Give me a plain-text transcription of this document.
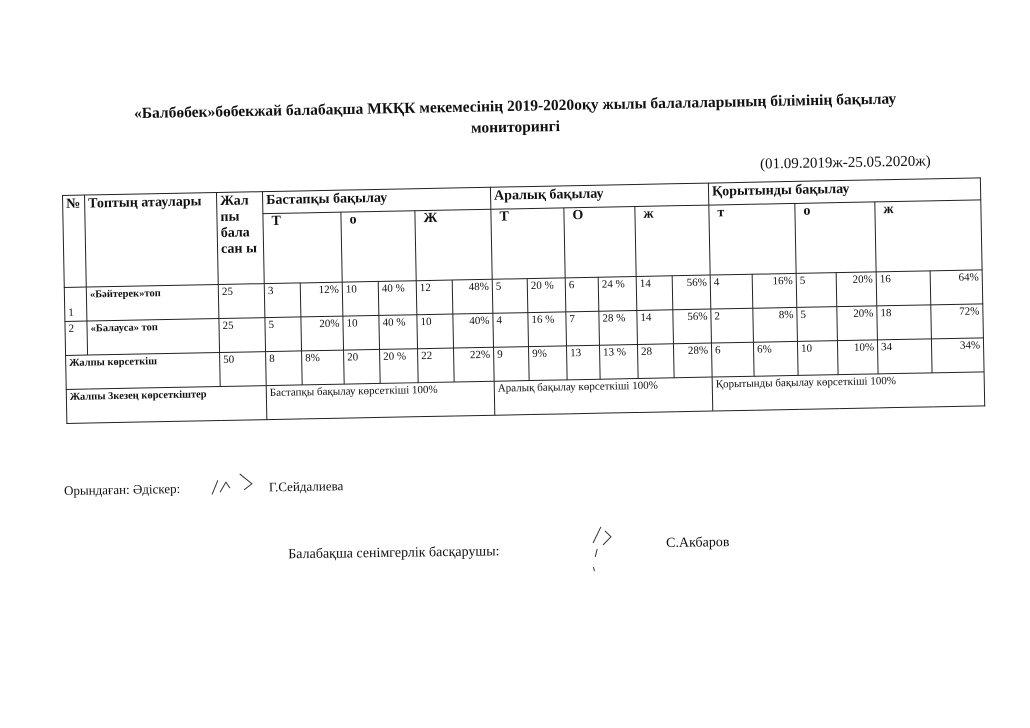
«Балбөбек»бөбекжай балабақша МКҚК мекемесінің 2019-2020оқу жылы балалаларының білімінің бақылау
мониторингі
(01.09.2019ж-25.05.2020ж)
№	Топтың атаулары	Жал пы бала сан ы	Бастапқы бақылау						Аралық бақылау						Қорытынды бақылау					
			Т		о		Ж		Т		О		ж		т		о		ж	
1	«Бәйтерек»топ	25	3	12%	10	40 %	12	48%	5	20 %	6	24 %	14	56%	4	16%	5	20%	16	64%
2	«Балауса» топ	25	5	20%	10	40 %	10	40%	4	16 %	7	28 %	14	56%	2	8%	5	20%	18	72%
Жалпы көрсеткіш		50	8	8%	20	20 %	22	22%	9	9%	13	13 %	28	28%	6	6%	10	10%	34	34%
Жалпы 3кезең көрсеткіштер			Бастапқы бақылау көрсеткіші 100%						Аралық бақылау көрсеткіші 100%						Қорытынды бақылау көрсеткіші 100%					
Орындаған: Әдіскер:	Г.Сейдалиева
Балабақша сенімгерлік басқарушы:
С.Акбаров
